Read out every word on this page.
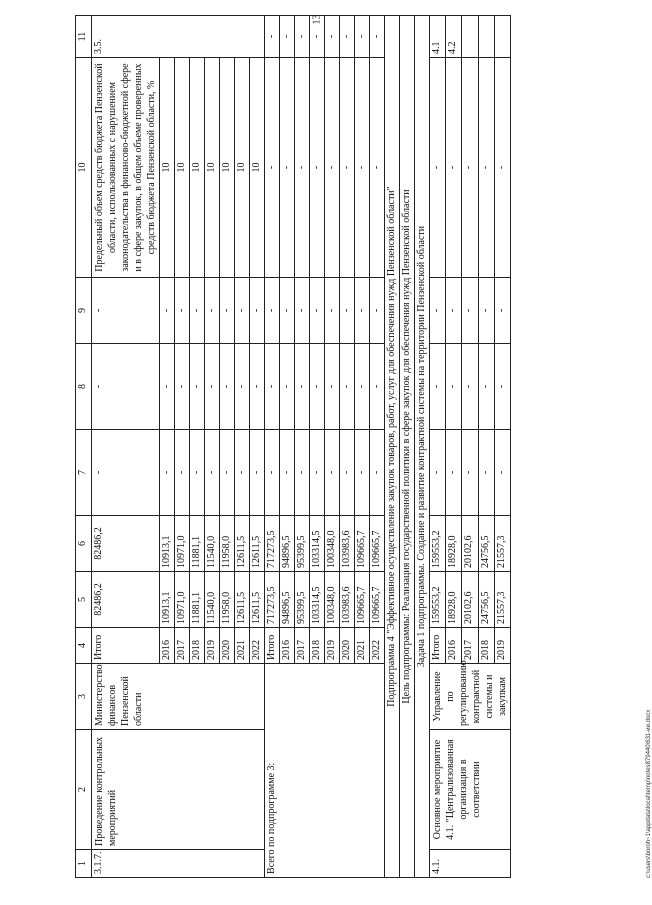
13
1	2	3	4	5	6	7	8	9	10	11
3.1.7.	Проведение контрольных мероприятий	Министерство финансов Пензенской области	Итого	82486,2	82486,2	-	-	-	Предельный объем средств бюджета Пензенской области, использованных с нарушением законодательства в финансово-бюджетной сфере и в сфере закупок, в общем объеме проверенных средств бюджета Пензенской области, %	3.5.
			2016	10913,1	10913,1	-	-	-	10	
			2017	10971,0	10971,0	-	-	-	10	
			2018	11881,1	11881,1	-	-	-	10	
			2019	11540,0	11540,0	-	-	-	10	
			2020	11958,0	11958,0	-	-	-	10	
			2021	12611,5	12611,5	-	-	-	10	
			2022	12611,5	12611,5	-	-	-	10	
Всего по подпрограмме 3:			Итого	717273,5	717273,5	-	-	-	-	-
			2016	94896,5	94896,5	-	-	-	-	-
			2017	95399,5	95399,5	-	-	-	-	-
			2018	103314,5	103314,5	-	-	-	-	-
			2019	100348,0	100348,0	-	-	-	-	-
			2020	103983,6	103983,6	-	-	-	-	-
			2021	109665,7	109665,7	-	-	-	-	-
			2022	109665,7	109665,7	-	-	-	-	-
Подпрограмма 4 "Эффективное осуществление закупок товаров, работ, услуг для обеспечения нужд Пензенской области"										
Цель подпрограммы: Реализация государственной политики в сфере закупок для обеспечения нужд Пензенской области										
Задача 1 подпрограммы. Создание и развитие контрактной системы на территории Пензенской области										
4.1.	Основное мероприятие 4.1. "Централизованная организация в соответствии	Управление по регулированию контрактной системы и закупкам	Итого	159553,2	159553,2	-	-	-	-	4.1
			2016	18928,0	18928,0	-	-	-	-	4.2
			2017	20102,6	20102,6	-	-	-	-	
			2018	24756,5	24756,5	-	-	-	-	
			2019	21557,3	21557,3	-	-	-	-	
c:\users\boroh~1\appdata\local\temp\notes879440\631-ии.docx
